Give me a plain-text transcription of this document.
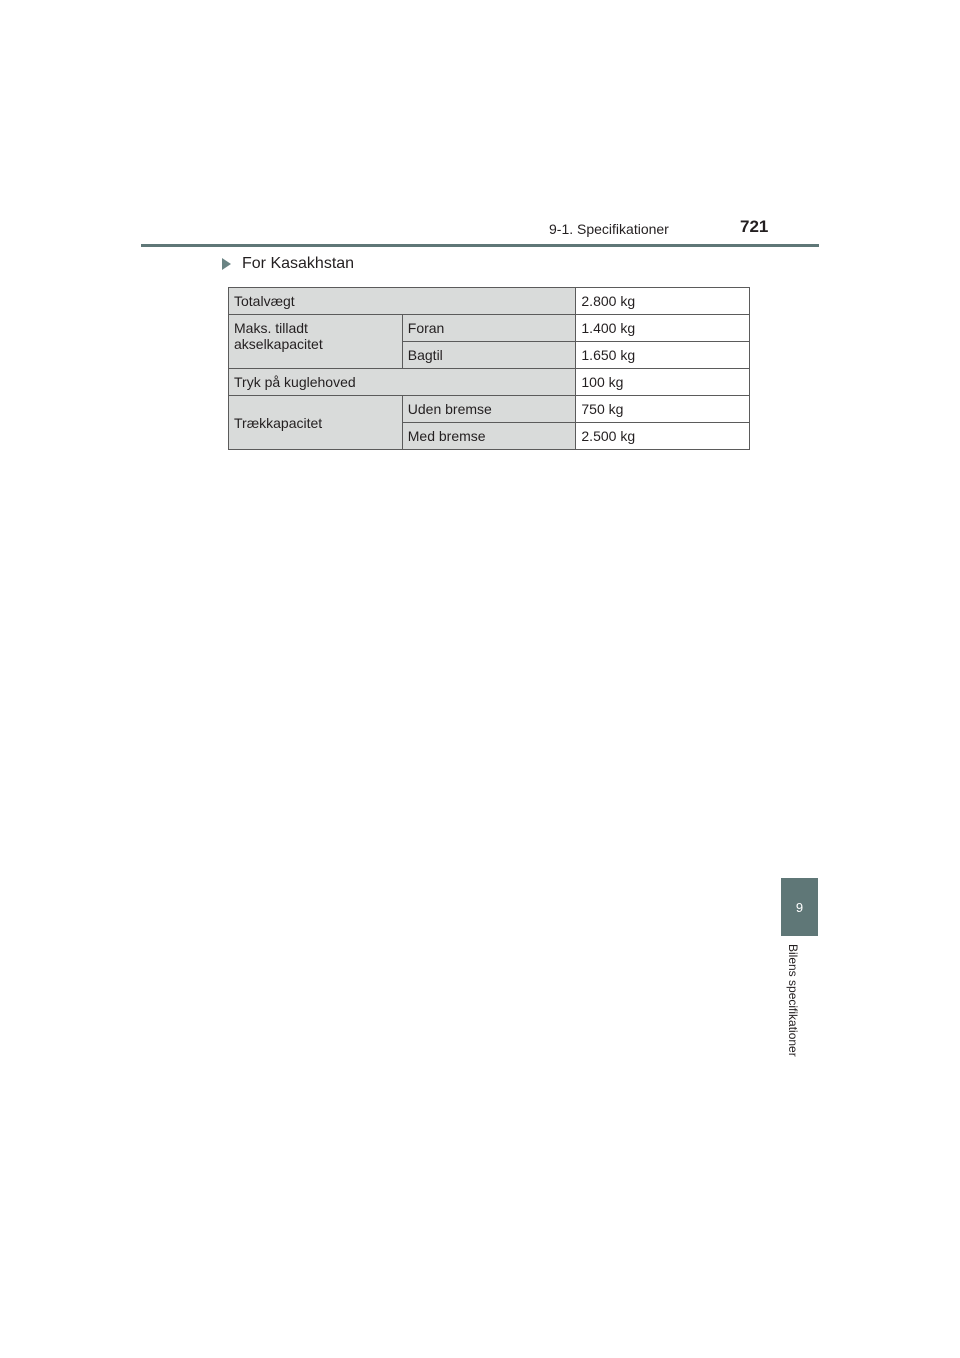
9-1. Specifikationer	721
For Kasakhstan
Totalvægt		2.800 kg
Maks. tilladt akselkapacitet	Foran	1.400 kg
	Bagtil	1.650 kg
Tryk på kuglehoved		100 kg
Trækkapacitet	Uden bremse	750 kg
	Med bremse	2.500 kg
9
Bilens specifikationer
